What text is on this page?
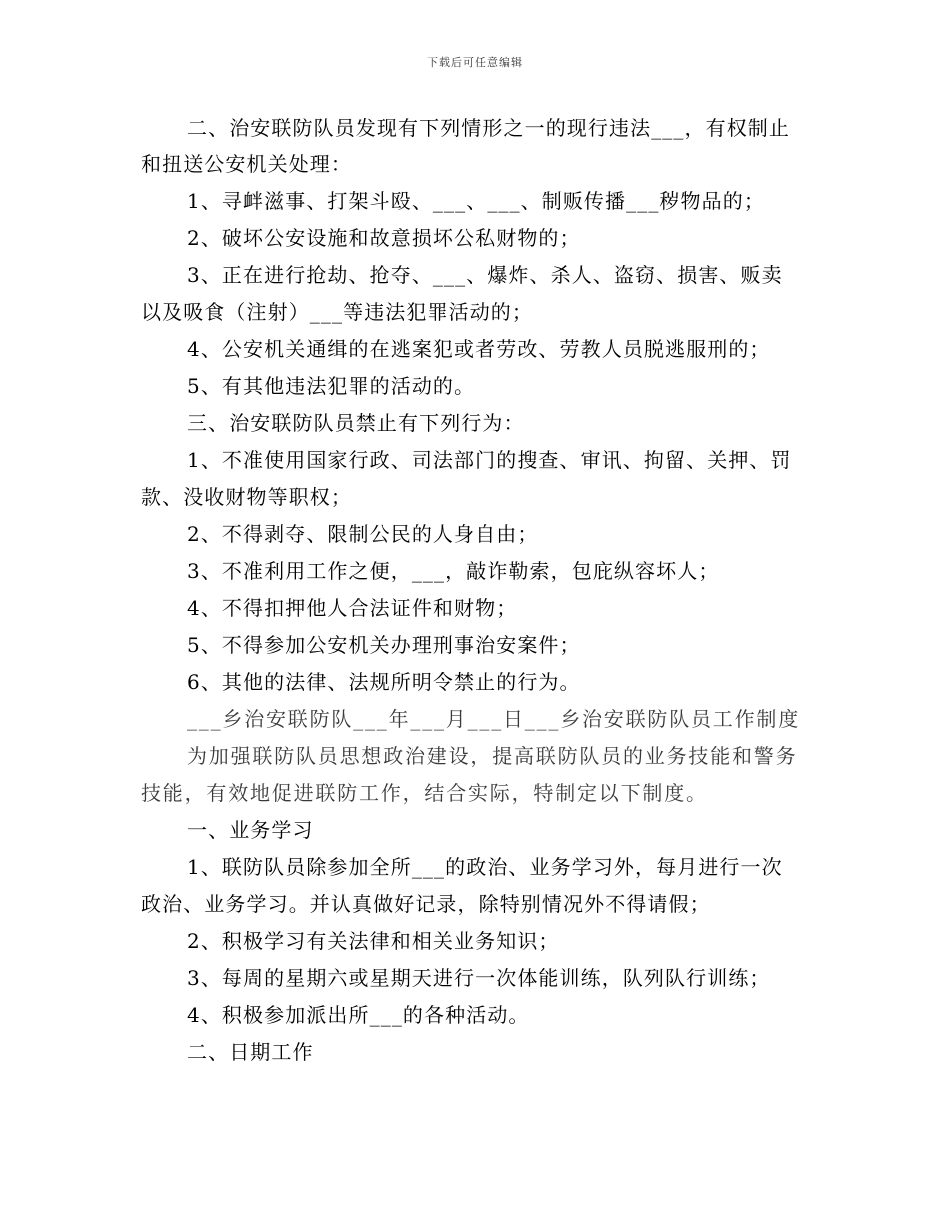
下载后可任意编辑
二、治安联防队员发现有下列情形之一的现行违法___，有权制止
和扭送公安机关处理：
1、寻衅滋事、打架斗殴、___、___、制贩传播___秽物品的；
2、破坏公安设施和故意损坏公私财物的；
3、正在进行抢劫、抢夺、___、爆炸、杀人、盗窃、损害、贩卖
以及吸食（注射）___等违法犯罪活动的；
4、公安机关通缉的在逃案犯或者劳改、劳教人员脱逃服刑的；
5、有其他违法犯罪的活动的。
三、治安联防队员禁止有下列行为：
1、不准使用国家行政、司法部门的搜查、审讯、拘留、关押、罚
款、没收财物等职权；
2、不得剥夺、限制公民的人身自由；
3、不准利用工作之便，___，敲诈勒索，包庇纵容坏人；
4、不得扣押他人合法证件和财物；
5、不得参加公安机关办理刑事治安案件；
6、其他的法律、法规所明令禁止的行为。
___乡治安联防队___年___月___日___乡治安联防队员工作制度
为加强联防队员思想政治建设，提高联防队员的业务技能和警务
技能，有效地促进联防工作，结合实际，特制定以下制度。
一、业务学习
1、联防队员除参加全所___的政治、业务学习外，每月进行一次
政治、业务学习。并认真做好记录，除特别情况外不得请假；
2、积极学习有关法律和相关业务知识；
3、每周的星期六或星期天进行一次体能训练，队列队行训练；
4、积极参加派出所___的各种活动。
二、日期工作
